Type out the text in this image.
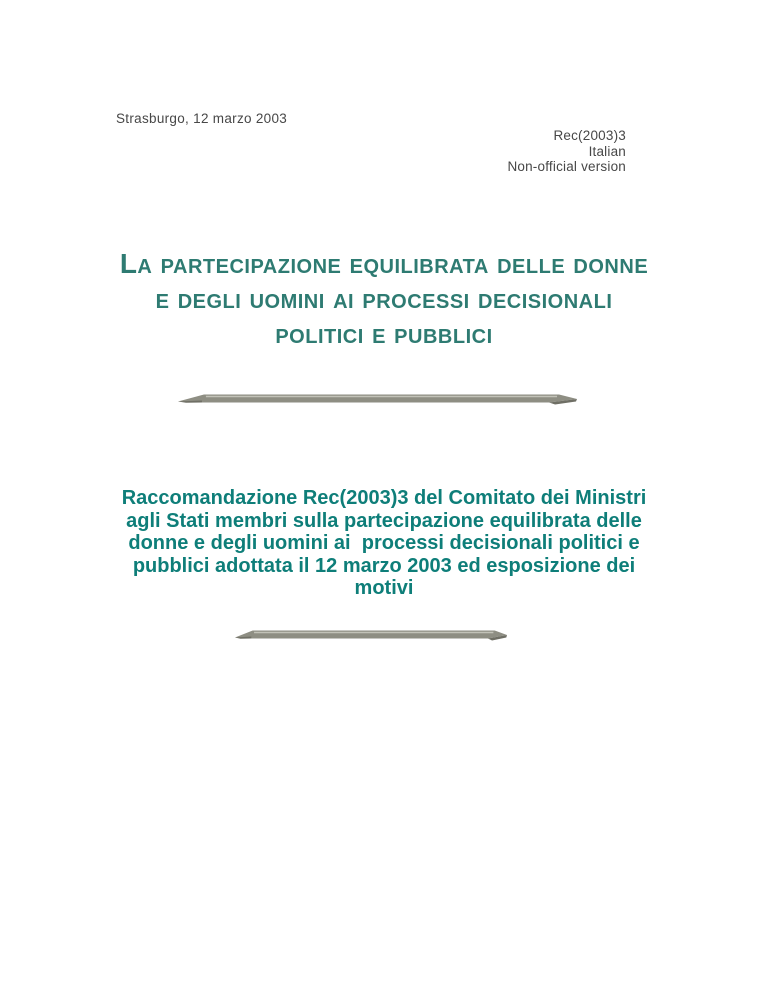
Strasburgo, 12 marzo 2003
Rec(2003)3
Italian
Non-official version
La partecipazione equilibrata delle donne
e degli uomini ai processi decisionali
politici e pubblici
Raccomandazione Rec(2003)3 del Comitato dei Ministri
agli Stati membri sulla partecipazione equilibrata delle
donne e degli uomini ai  processi decisionali politici e
pubblici adottata il 12 marzo 2003 ed esposizione dei
motivi
